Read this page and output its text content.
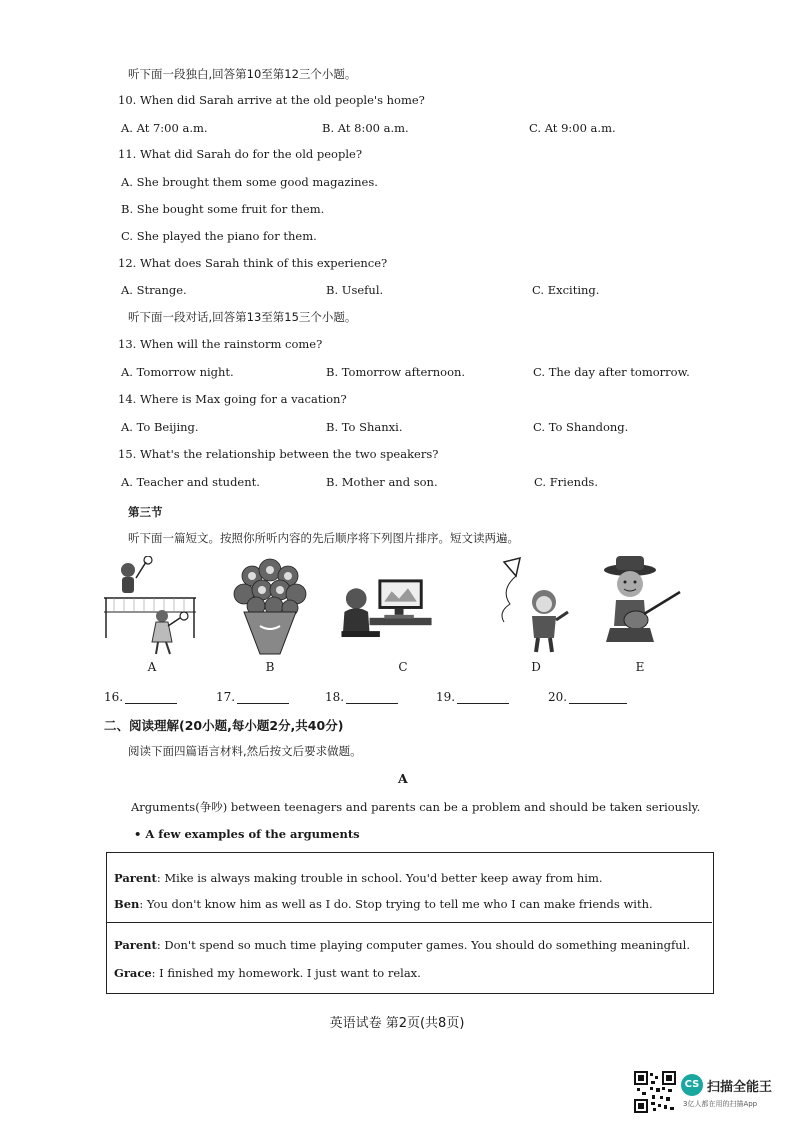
听下面一段独白,回答第10至第12三个小题。
10. When did Sarah arrive at the old people's home?
A. At 7:00 a.m.	B. At 8:00 a.m.	C. At 9:00 a.m.
11. What did Sarah do for the old people?
A. She brought them some good magazines.
B. She bought some fruit for them.
C. She played the piano for them.
12. What does Sarah think of this experience?
A. Strange.	B. Useful.	C. Exciting.
听下面一段对话,回答第13至第15三个小题。
13. When will the rainstorm come?
A. Tomorrow night.	B. Tomorrow afternoon.	C. The day after tomorrow.
14. Where is Max going for a vacation?
A. To Beijing.	B. To Shanxi.	C. To Shandong.
15. What's the relationship between the two speakers?
A. Teacher and student.	B. Mother and son.	C. Friends.
第三节
听下面一篇短文。按照你所听内容的先后顺序将下列图片排序。短文读两遍。
A	B	C	D	E
16.	17.	18.	19.	20.
二、阅读理解(20小题,每小题2分,共40分)
阅读下面四篇语言材料,然后按文后要求做题。
A
Arguments(争吵) between teenagers and parents can be a problem and should be taken seriously.
• A few examples of the arguments
Parent: Mike is always making trouble in school. You'd better keep away from him.
Ben: You don't know him as well as I do. Stop trying to tell me who I can make friends with.
Parent: Don't spend so much time playing computer games. You should do something meaningful.
Grace: I finished my homework. I just want to relax.
英语试卷 第2页(共8页)
CS 扫描全能王
3亿人都在用的扫描App
